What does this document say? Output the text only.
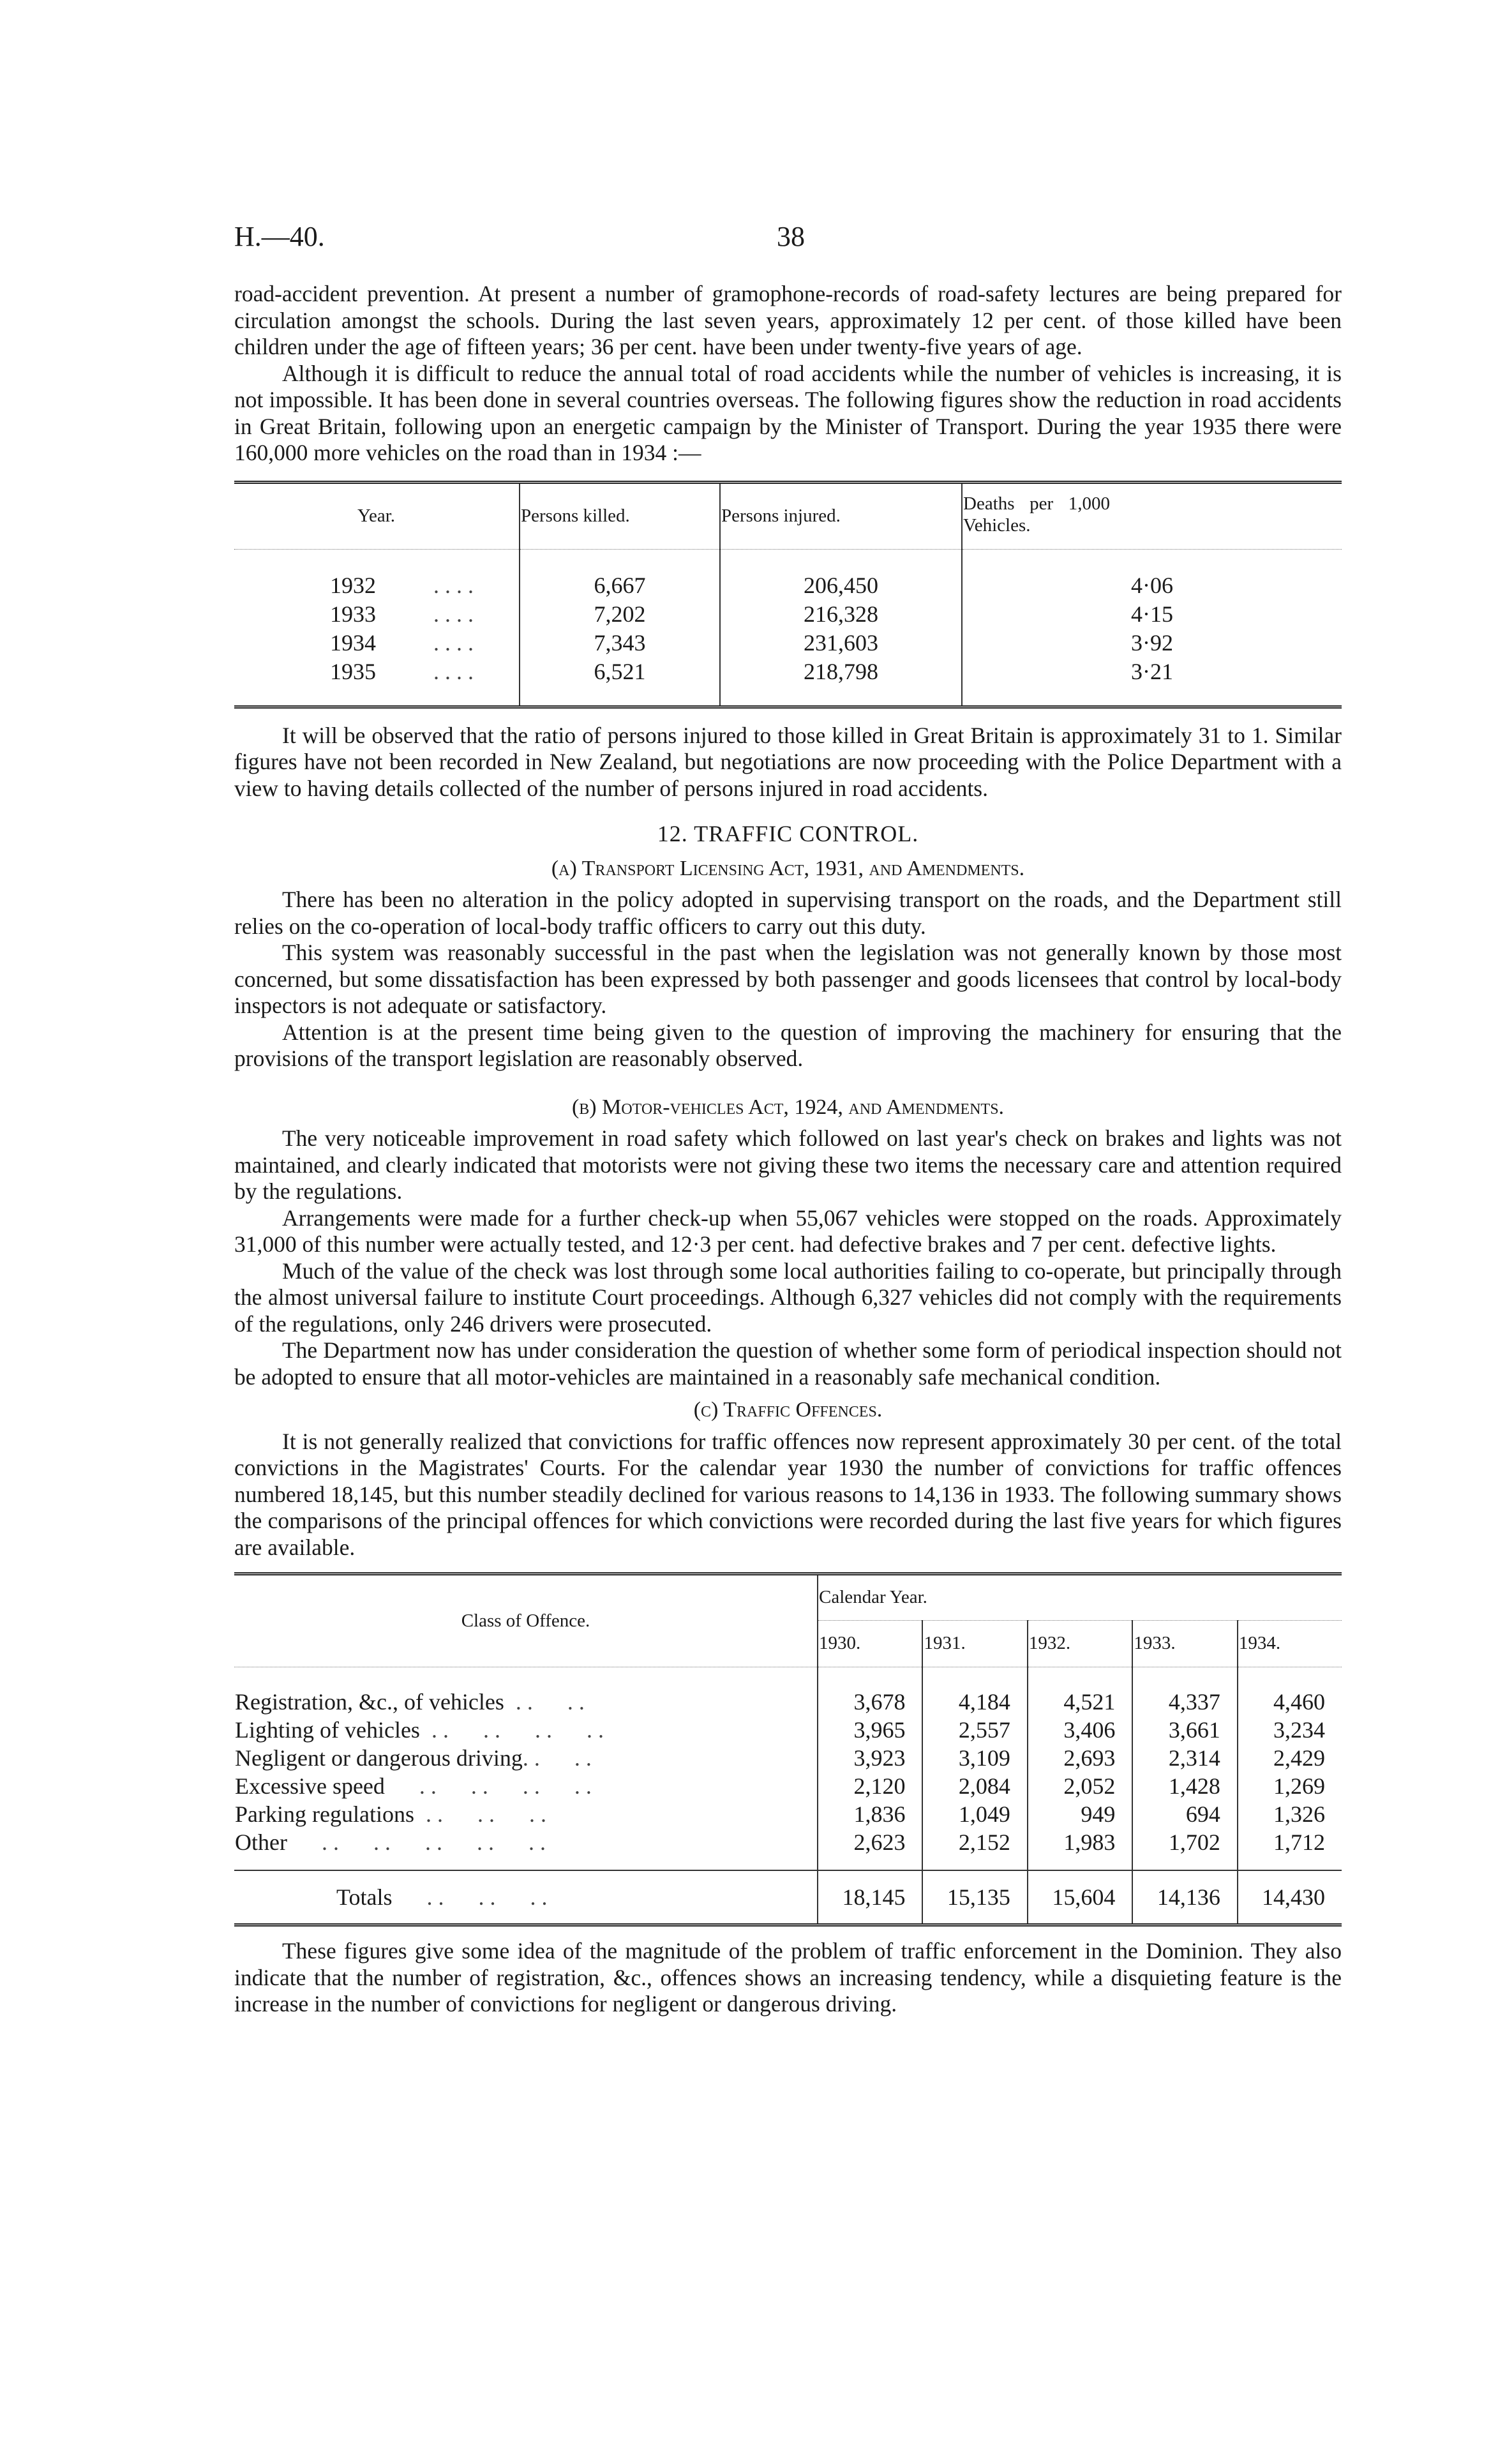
H.—40.	38

road-accident prevention. At present a number of gramophone-records of road-safety lectures are being prepared for circulation amongst the schools. During the last seven years, approximately 12 per cent. of those killed have been children under the age of fifteen years; 36 per cent. have been under twenty-five years of age.

Although it is difficult to reduce the annual total of road accidents while the number of vehicles is increasing, it is not impossible. It has been done in several countries overseas. The following figures show the reduction in road accidents in Great Britain, following upon an energetic campaign by the Minister of Transport. During the year 1935 there were 160,000 more vehicles on the road than in 1934 :—

Year.	Persons killed.	Persons injured.	Deaths per 1,000 Vehicles.

1932 . . . .	6,667	206,450	4·06
1933 . . . .	7,202	216,328	4·15
1934 . . . .	7,343	231,603	3·92
1935 . . . .	6,521	218,798	3·21

It will be observed that the ratio of persons injured to those killed in Great Britain is approximately 31 to 1. Similar figures have not been recorded in New Zealand, but negotiations are now proceeding with the Police Department with a view to having details collected of the number of persons injured in road accidents.

12. TRAFFIC CONTROL.
(a) Transport Licensing Act, 1931, and Amendments.

There has been no alteration in the policy adopted in supervising transport on the roads, and the Department still relies on the co-operation of local-body traffic officers to carry out this duty.

This system was reasonably successful in the past when the legislation was not generally known by those most concerned, but some dissatisfaction has been expressed by both passenger and goods licensees that control by local-body inspectors is not adequate or satisfactory.

Attention is at the present time being given to the question of improving the machinery for ensuring that the provisions of the transport legislation are reasonably observed.

(b) Motor-vehicles Act, 1924, and Amendments.

The very noticeable improvement in road safety which followed on last year's check on brakes and lights was not maintained, and clearly indicated that motorists were not giving these two items the necessary care and attention required by the regulations.

Arrangements were made for a further check-up when 55,067 vehicles were stopped on the roads. Approximately 31,000 of this number were actually tested, and 12·3 per cent. had defective brakes and 7 per cent. defective lights.

Much of the value of the check was lost through some local authorities failing to co-operate, but principally through the almost universal failure to institute Court proceedings. Although 6,327 vehicles did not comply with the requirements of the regulations, only 246 drivers were prosecuted.

The Department now has under consideration the question of whether some form of periodical inspection should not be adopted to ensure that all motor-vehicles are maintained in a reasonably safe mechanical condition.

(c) Traffic Offences.

It is not generally realized that convictions for traffic offences now represent approximately 30 per cent. of the total convictions in the Magistrates' Courts. For the calendar year 1930 the number of convictions for traffic offences numbered 18,145, but this number steadily declined for various reasons to 14,136 in 1933. The following summary shows the comparisons of the principal offences for which convictions were recorded during the last five years for which figures are available.

Class of Offence.	Calendar Year.				
	1930.	1931.	1932.	1933.	1934.

Registration, &c., of vehicles  . .      . .	3,678	4,184	4,521	4,337	4,460
Lighting of vehicles  . .      . .      . .      . .	3,965	2,557	3,406	3,661	3,234
Negligent or dangerous driving. .      . .	3,923	3,109	2,693	2,314	2,429
Excessive speed      . .      . .      . .      . .	2,120	2,084	2,052	1,428	1,269
Parking regulations  . .      . .      . .	1,836	1,049	949	694	1,326
Other      . .      . .      . .      . .      . .	2,623	2,152	1,983	1,702	1,712

Totals      . .      . .      . .	18,145	15,135	15,604	14,136	14,430

These figures give some idea of the magnitude of the problem of traffic enforcement in the Dominion. They also indicate that the number of registration, &c., offences shows an increasing tendency, while a disquieting feature is the increase in the number of convictions for negligent or dangerous driving.
